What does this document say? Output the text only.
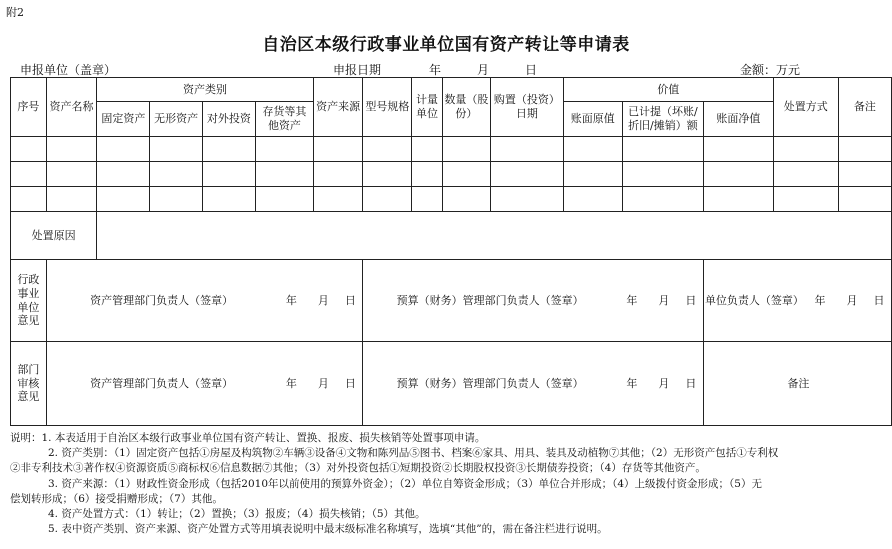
附2
自治区本级行政事业单位国有资产转让等申请表
申报单位（盖章）	申报日期　　　　年　　　月　　　日	金额：万元
序号	资产名称	资产类别				资产来源	型号规格	计量单位	数量（股份）	购置（投资）日期	价值			处置方式	备注
		固定资产	无形资产	对外投资	存货等其他资产						账面原值	已计提（坏账/折旧/摊销）额	账面净值		

处置原因															
行政事业单位意见	资产管理部门负责人（签章） 年 月 日						预算（财务）管理部门负责人（签章） 年 月 日						单位负责人（签章） 年 月 日		

部门审核意见	资产管理部门负责人（签章） 年 月 日						预算（财务）管理部门负责人（签章） 年 月 日						备注		
说明：1. 本表适用于自治区本级行政事业单位国有资产转让、置换、报废、损失核销等处置事项申请。
2. 资产类别：（1）固定资产包括①房屋及构筑物②车辆③设备④文物和陈列品⑤图书、档案⑥家具、用具、装具及动植物⑦其他；（2）无形资产包括①专利权
②非专利技术③著作权④资源资质⑤商标权⑥信息数据⑦其他；（3）对外投资包括①短期投资②长期股权投资③长期债券投资；（4）存货等其他资产。
3. 资产来源：（1）财政性资金形成（包括2010年以前使用的预算外资金）；（2）单位自筹资金形成；（3）单位合并形成；（4）上级拨付资金形成；（5）无
偿划转形成；（6）接受捐赠形成；（7）其他。
4. 资产处置方式：（1）转让；（2）置换；（3）报废；（4）损失核销；（5）其他。
5. 表中资产类别、资产来源、资产处置方式等用填表说明中最末级标准名称填写，选填“其他”的，需在备注栏进行说明。
